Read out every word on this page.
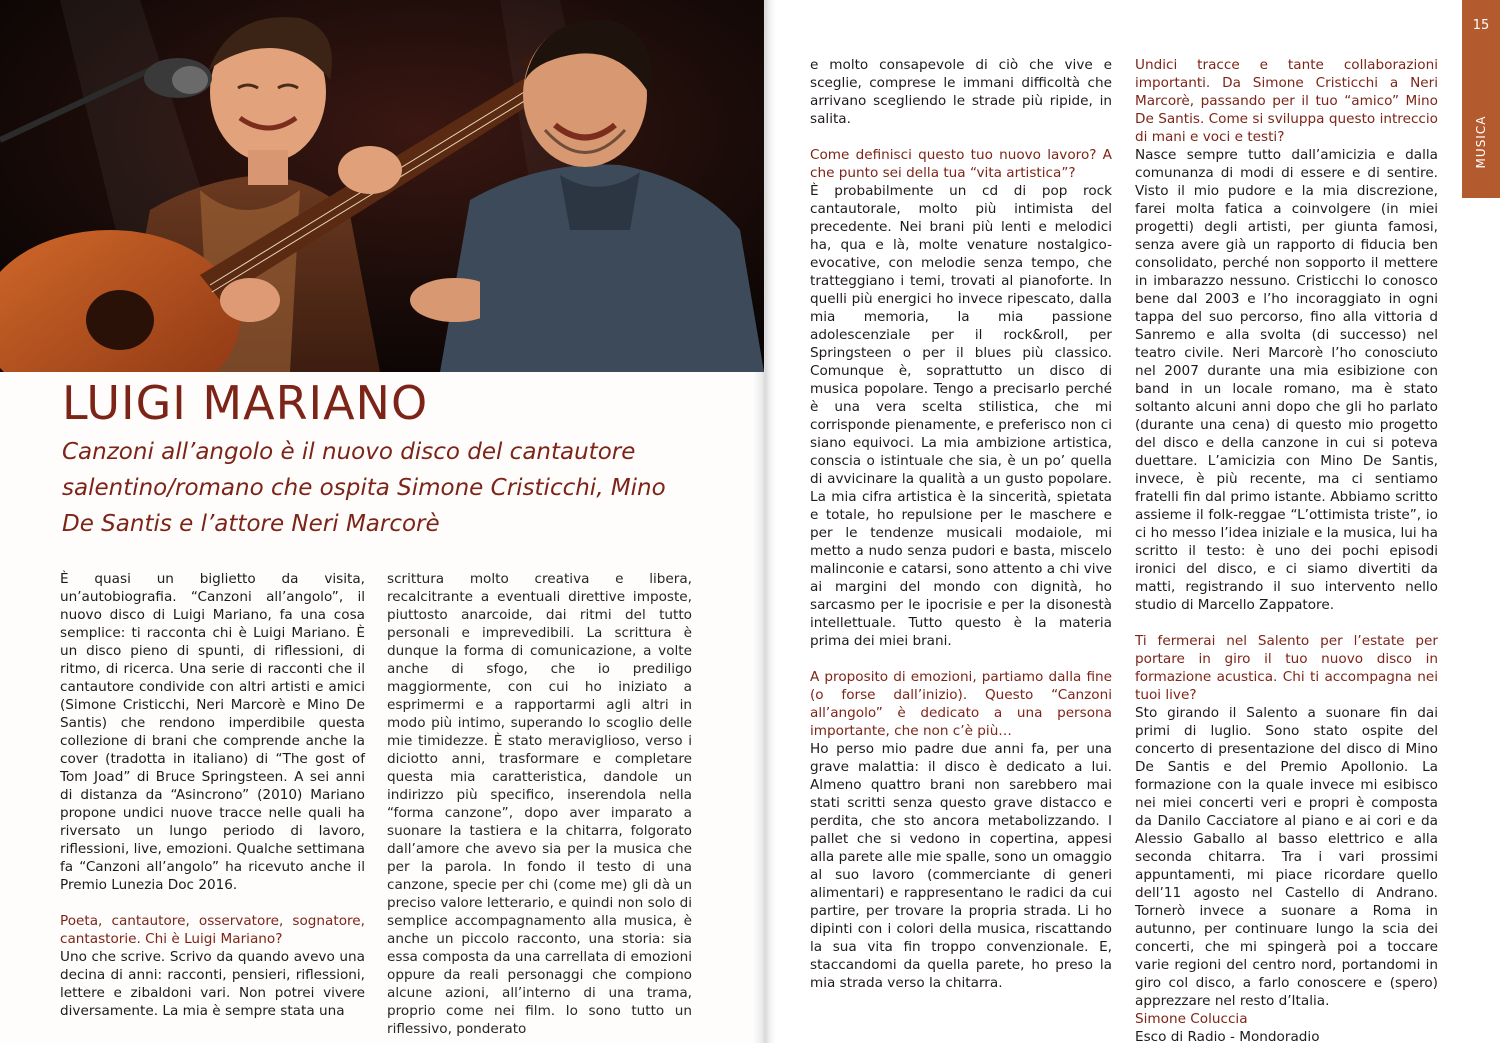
LUIGI MARIANO

Canzoni all’angolo è il nuovo disco del cantautore salentino/romano che ospita Simone Cristicchi, Mino De Santis e l’attore Neri Marcorè

È quasi un biglietto da visita, un’autobiografia. “Canzoni all’angolo”, il nuovo disco di Luigi Mariano, fa una cosa semplice: ti racconta chi è Luigi Mariano. È un disco pieno di spunti, di riflessioni, di ritmo, di ricerca. Una serie di racconti che il cantautore condivide con altri artisti e amici (Simone Cristicchi, Neri Marcorè e Mino De Santis) che rendono imperdibile questa collezione di brani che comprende anche la cover (tradotta in italiano) di “The gost of Tom Joad” di Bruce Springsteen. A sei anni di distanza da “Asincrono” (2010) Mariano propone undici nuove tracce nelle quali ha riversato un lungo periodo di lavoro, riflessioni, live, emozioni. Qualche settimana fa “Canzoni all’angolo” ha ricevuto anche il Premio Lunezia Doc 2016.

Poeta, cantautore, osservatore, sognatore, cantastorie. Chi è Luigi Mariano?

Uno che scrive. Scrivo da quando avevo una decina di anni: racconti, pensieri, riflessioni, lettere e zibaldoni vari. Non potrei vivere diversamente. La mia è sempre stata una

scrittura molto creativa e libera, recalcitrante a eventuali direttive imposte, piuttosto anarcoide, dai ritmi del tutto personali e imprevedibili. La scrittura è dunque la forma di comunicazione, a volte anche di sfogo, che io prediligo maggiormente, con cui ho iniziato a esprimermi e a rapportarmi agli altri in modo più intimo, superando lo scoglio delle mie timidezze. È stato meraviglioso, verso i diciotto anni, trasformare e completare questa mia caratteristica, dandole un indirizzo più specifico, inserendola nella “forma canzone”, dopo aver imparato a suonare la tastiera e la chitarra, folgorato dall’amore che avevo sia per la musica che per la parola. In fondo il testo di una canzone, specie per chi (come me) gli dà un preciso valore letterario, e quindi non solo di semplice accompagnamento alla musica, è anche un piccolo racconto, una storia: sia essa composta da una carrellata di emozioni oppure da reali personaggi che compiono alcune azioni, all’interno di una trama, proprio come nei film. Io sono tutto un riflessivo, ponderato

e molto consapevole di ciò che vive e sceglie, comprese le immani difficoltà che arrivano scegliendo le strade più ripide, in salita.

Come definisci questo tuo nuovo lavoro? A che punto sei della tua “vita artistica”?

È probabilmente un cd di pop rock cantautorale, molto più intimista del precedente. Nei brani più lenti e melodici ha, qua e là, molte venature nostalgico-evocative, con melodie senza tempo, che tratteggiano i temi, trovati al pianoforte. In quelli più energici ho invece ripescato, dalla mia memoria, la mia passione adolescenziale per il rock&roll, per Springsteen o per il blues più classico. Comunque è, soprattutto un disco di musica popolare. Tengo a precisarlo perché è una vera scelta stilistica, che mi corrisponde pienamente, e preferisco non ci siano equivoci. La mia ambizione artistica, conscia o istintuale che sia, è un po’ quella di avvicinare la qualità a un gusto popolare. La mia cifra artistica è la sincerità, spietata e totale, ho repulsione per le maschere e per le tendenze musicali modaiole, mi metto a nudo senza pudori e basta, miscelo malinconie e catarsi, sono attento a chi vive ai margini del mondo con dignità, ho sarcasmo per le ipocrisie e per la disonestà intellettuale. Tutto questo è la materia prima dei miei brani.

A proposito di emozioni, partiamo dalla fine (o forse dall’inizio). Questo “Canzoni all’angolo” è dedicato a una persona importante, che non c’è più…

Ho perso mio padre due anni fa, per una grave malattia: il disco è dedicato a lui. Almeno quattro brani non sarebbero mai stati scritti senza questo grave distacco e perdita, che sto ancora metabolizzando. I pallet che si vedono in copertina, appesi alla parete alle mie spalle, sono un omaggio al suo lavoro (commerciante di generi alimentari) e rappresentano le radici da cui partire, per trovare la propria strada. Li ho dipinti con i colori della musica, riscattando la sua vita fin troppo convenzionale. E, staccandomi da quella parete, ho preso la mia strada verso la chitarra.

Undici tracce e tante collaborazioni importanti. Da Simone Cristicchi a Neri Marcorè, passando per il tuo “amico” Mino De Santis. Come si sviluppa questo intreccio di mani e voci e testi?

Nasce sempre tutto dall’amicizia e dalla comunanza di modi di essere e di sentire. Visto il mio pudore e la mia discrezione, farei molta fatica a coinvolgere (in miei progetti) degli artisti, per giunta famosi, senza avere già un rapporto di fiducia ben consolidato, perché non sopporto il mettere in imbarazzo nessuno. Cristicchi lo conosco bene dal 2003 e l’ho incoraggiato in ogni tappa del suo percorso, fino alla vittoria d Sanremo e alla svolta (di successo) nel teatro civile. Neri Marcorè l’ho conosciuto nel 2007 durante una mia esibizione con band in un locale romano, ma è stato soltanto alcuni anni dopo che gli ho parlato (durante una cena) di questo mio progetto del disco e della canzone in cui si poteva duettare. L’amicizia con Mino De Santis, invece, è più recente, ma ci sentiamo fratelli fin dal primo istante. Abbiamo scritto assieme il folk-reggae “L’ottimista triste”, io ci ho messo l’idea iniziale e la musica, lui ha scritto il testo: è uno dei pochi episodi ironici del disco, e ci siamo divertiti da matti, registrando il suo intervento nello studio di Marcello Zappatore.

Ti fermerai nel Salento per l’estate per portare in giro il tuo nuovo disco in formazione acustica. Chi ti accompagna nei tuoi live?

Sto girando il Salento a suonare fin dai primi di luglio. Sono stato ospite del concerto di presentazione del disco di Mino De Santis e del Premio Apollonio. La formazione con la quale invece mi esibisco nei miei concerti veri e propri è composta da Danilo Cacciatore al piano e ai cori e da Alessio Gaballo al basso elettrico e alla seconda chitarra. Tra i vari prossimi appuntamenti, mi piace ricordare quello dell’11 agosto nel Castello di Andrano. Tornerò invece a suonare a Roma in autunno, per continuare lungo la scia dei concerti, che mi spingerà poi a toccare varie regioni del centro nord, portandomi in giro col disco, a farlo conoscere e (spero) apprezzare nel resto d’Italia.

Simone Coluccia

Esco di Radio - Mondoradio

15
MUSICA
